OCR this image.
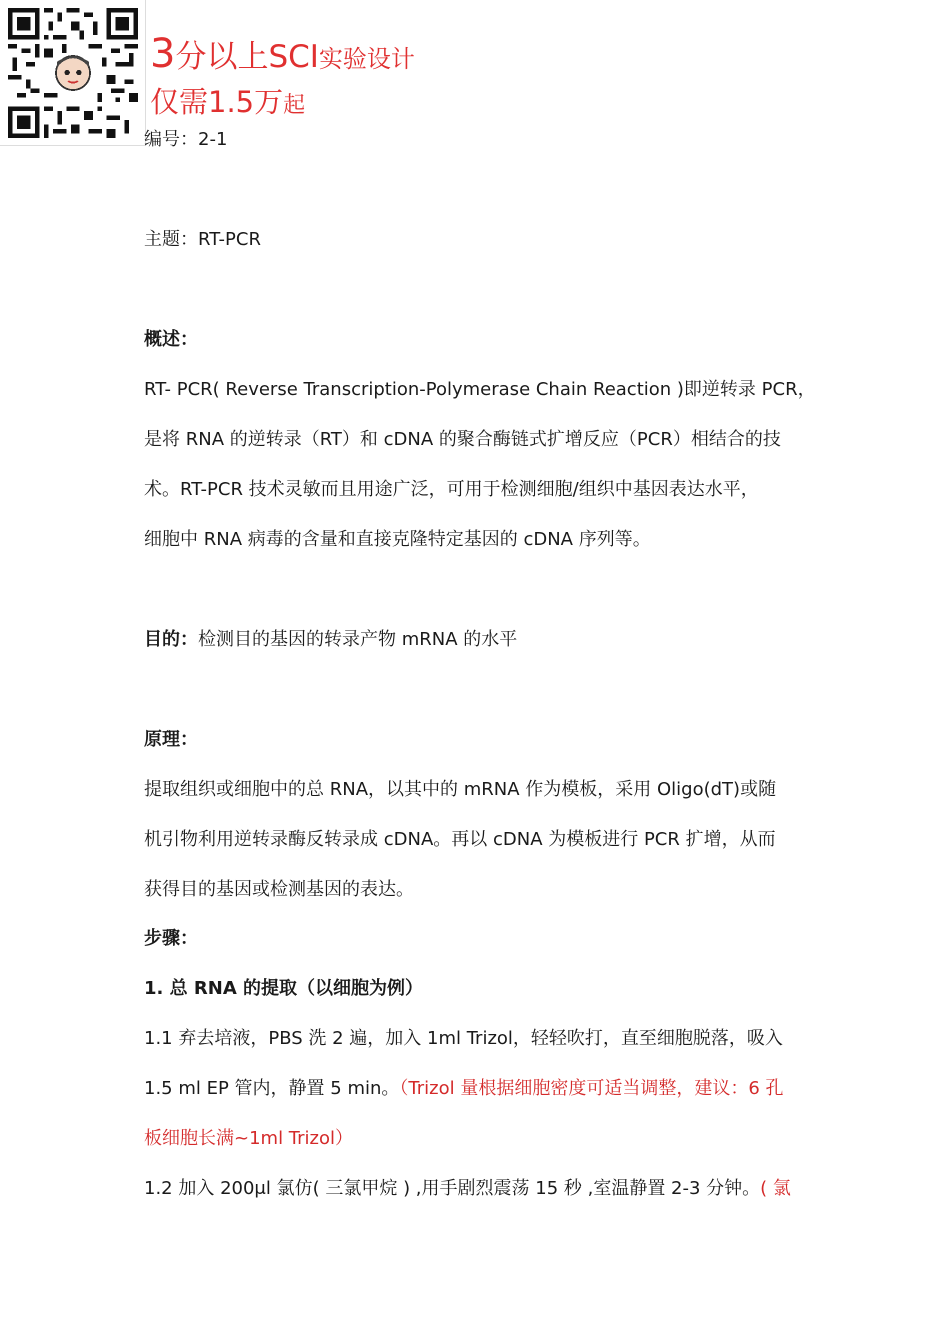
3分以上SCI实验设计
仅需1.5万起
编号：2-1
主题：RT-PCR
概述：
RT- PCR( Reverse Transcription-Polymerase Chain Reaction )即逆转录 PCR，
是将 RNA 的逆转录（RT）和 cDNA 的聚合酶链式扩增反应（PCR）相结合的技
术。RT-PCR 技术灵敏而且用途广泛，可用于检测细胞/组织中基因表达水平，
细胞中 RNA 病毒的含量和直接克隆特定基因的 cDNA 序列等。
目的：检测目的基因的转录产物 mRNA 的水平
原理：
提取组织或细胞中的总 RNA，以其中的 mRNA 作为模板，采用 Oligo(dT)或随
机引物利用逆转录酶反转录成 cDNA。再以 cDNA 为模板进行 PCR 扩增，从而
获得目的基因或检测基因的表达。
步骤：
1. 总 RNA 的提取（以细胞为例）
1.1 弃去培液，PBS 洗 2 遍，加入 1ml Trizol，轻轻吹打，直至细胞脱落，吸入
1.5 ml EP 管内，静置 5 min。（Trizol 量根据细胞密度可适当调整，建议：6 孔
板细胞长满~1ml Trizol）
1.2 加入 200μl 氯仿( 三氯甲烷 ) ,用手剧烈震荡 15 秒 ,室温静置 2-3 分钟。( 氯
